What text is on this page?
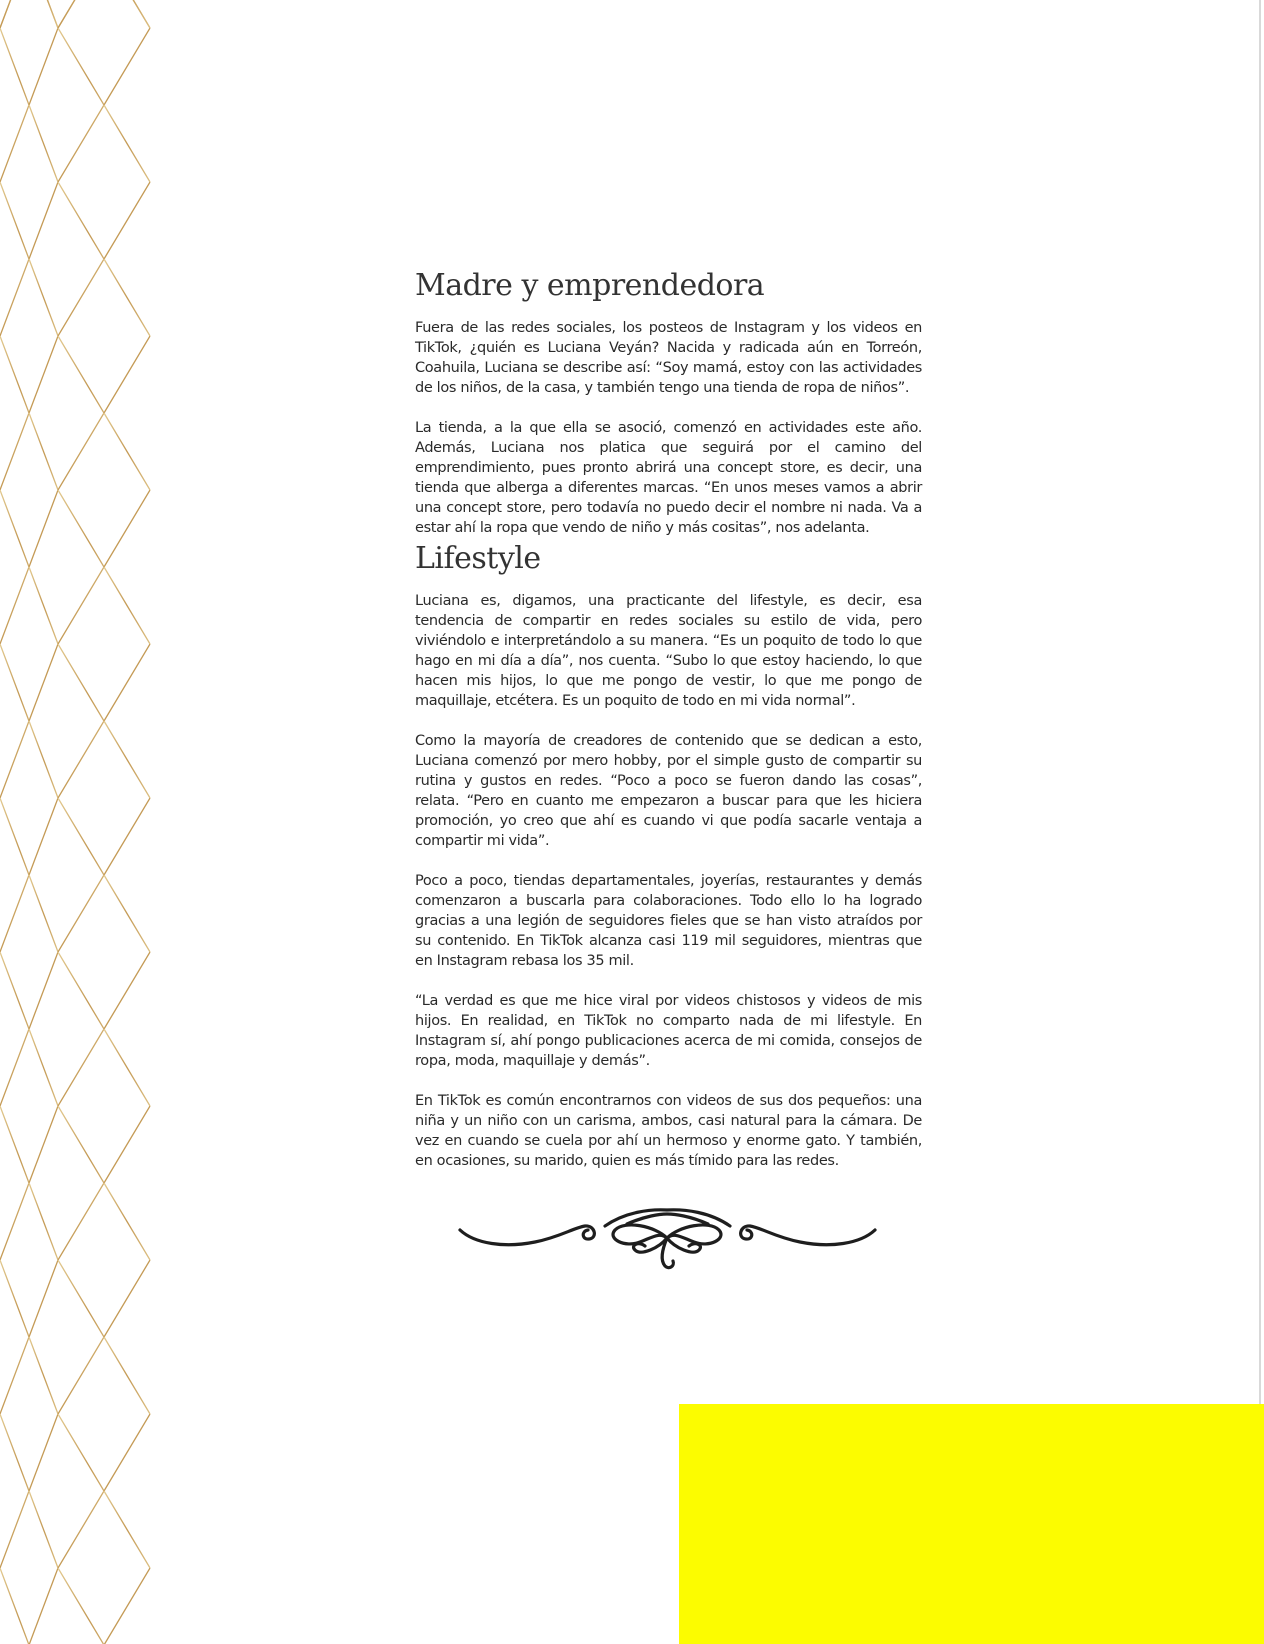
Madre y emprendedora

Fuera de las redes sociales, los posteos de Instagram y los videos en TikTok, ¿quién es Luciana Veyán? Nacida y radicada aún en Torreón, Coahuila, Luciana se describe así: “Soy mamá, estoy con las actividades de los niños, de la casa, y también tengo una tienda de ropa de niños”.

La tienda, a la que ella se asoció, comenzó en actividades este año. Además, Luciana nos platica que seguirá por el camino del emprendimiento, pues pronto abrirá una concept store, es decir, una tienda que alberga a diferentes marcas. “En unos meses vamos a abrir una concept store, pero todavía no puedo decir el nombre ni nada. Va a estar ahí la ropa que vendo de niño y más cositas”, nos adelanta.

Lifestyle

Luciana es, digamos, una practicante del lifestyle, es decir, esa tendencia de compartir en redes sociales su estilo de vida, pero viviéndolo e interpretándolo a su manera. “Es un poquito de todo lo que hago en mi día a día”, nos cuenta. “Subo lo que estoy haciendo, lo que hacen mis hijos, lo que me pongo de vestir, lo que me pongo de maquillaje, etcétera. Es un poquito de todo en mi vida normal”.

Como la mayoría de creadores de contenido que se dedican a esto, Luciana comenzó por mero hobby, por el simple gusto de compartir su rutina y gustos en redes. “Poco a poco se fueron dando las cosas”, relata. “Pero en cuanto me empezaron a buscar para que les hiciera promoción, yo creo que ahí es cuando vi que podía sacarle ventaja a compartir mi vida”.

Poco a poco, tiendas departamentales, joyerías, restaurantes y demás comenzaron a buscarla para colaboraciones. Todo ello lo ha logrado gracias a una legión de seguidores fieles que se han visto atraídos por su contenido. En TikTok alcanza casi 119 mil seguidores, mientras que en Instagram rebasa los 35 mil.

“La verdad es que me hice viral por videos chistosos y videos de mis hijos. En realidad, en TikTok no comparto nada de mi lifestyle. En Instagram sí, ahí pongo publicaciones acerca de mi comida, consejos de ropa, moda, maquillaje y demás”.

En TikTok es común encontrarnos con videos de sus dos pequeños: una niña y un niño con un carisma, ambos, casi natural para la cámara. De vez en cuando se cuela por ahí un hermoso y enorme gato. Y también, en ocasiones, su marido, quien es más tímido para las redes.
